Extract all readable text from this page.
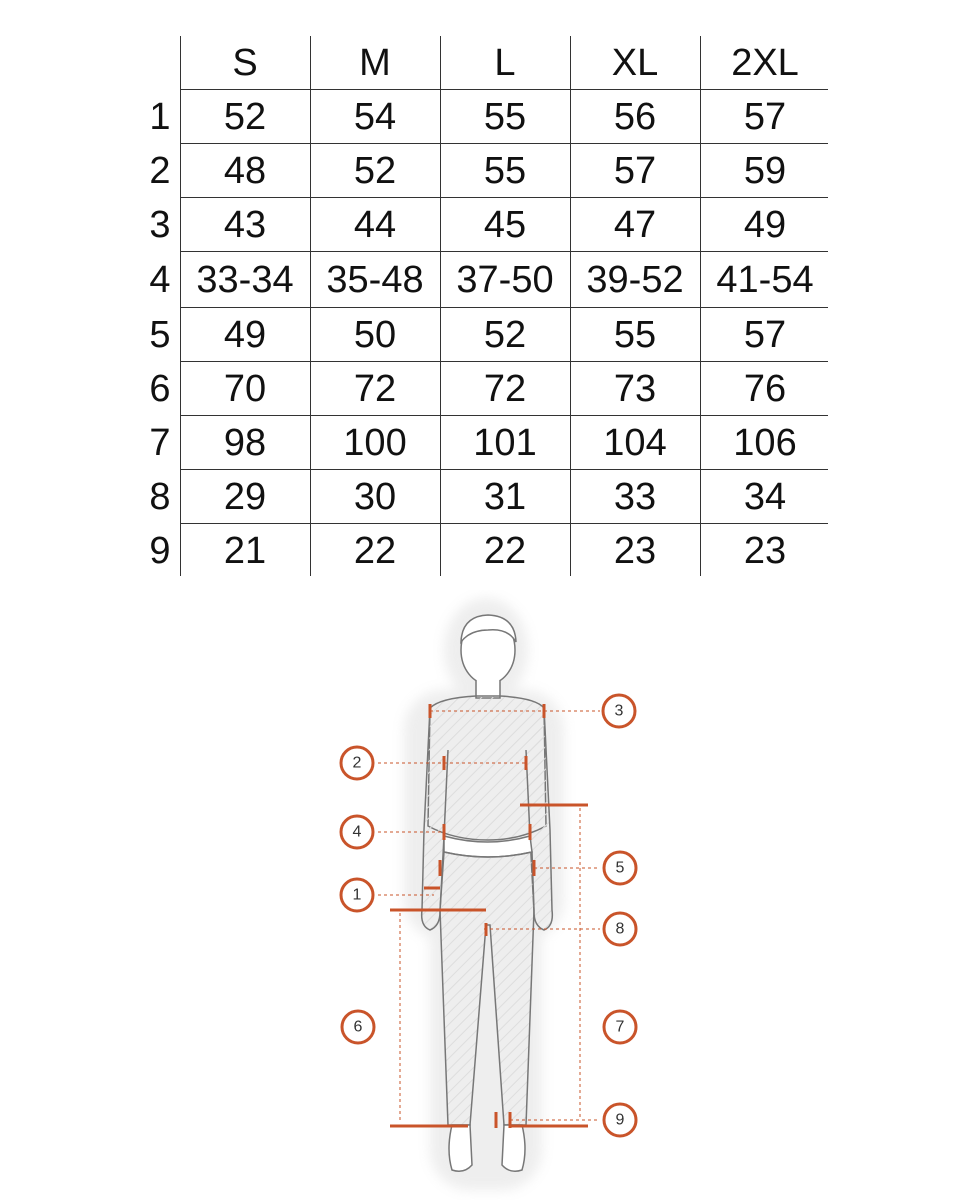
S	M	L	XL	2XL
1	52	54	55	56	57
2	48	52	55	57	59
3	43	44	45	47	49
4 33-34 35-48 37-50 39-52 41-54
5	49	50	52	55	57
6	70	72	72	73	76
7	98	100	101	104	106
8	29	30	31	33	34
9	21	22	22	23	23
1
2
3
4
5
6	7
8
9
